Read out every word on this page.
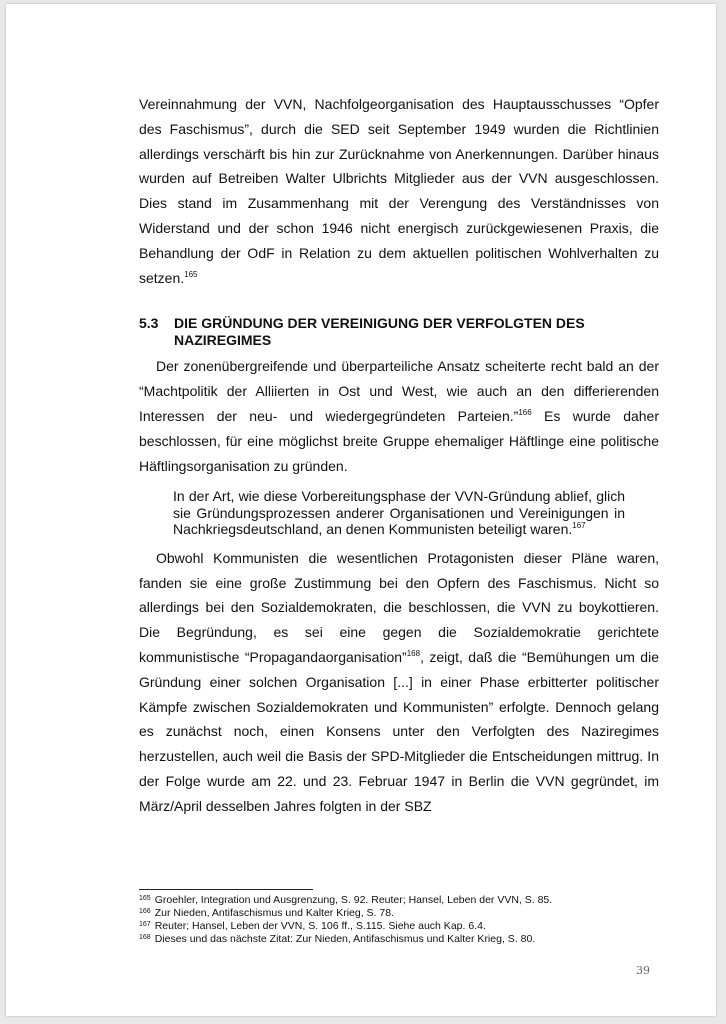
Vereinnahmung der VVN, Nachfolgeorganisation des Hauptausschusses “Opfer des Faschismus”, durch die SED seit September 1949 wurden die Richtlinien allerdings verschärft bis hin zur Zurücknahme von Anerkennungen. Darüber hinaus wurden auf Betreiben Walter Ulbrichts Mitglieder aus der VVN ausgeschlossen. Dies stand im Zusammenhang mit der Verengung des Verständnisses von Widerstand und der schon 1946 nicht energisch zurückgewiesenen Praxis, die Behandlung der OdF in Relation zu dem aktuellen politischen Wohlverhalten zu setzen.$^{165}$

5.3	DIE GRÜNDUNG DER VEREINIGUNG DER VERFOLGTEN DES NAZIREGIMES

Der zonenübergreifende und überparteiliche Ansatz scheiterte recht bald an der “Machtpolitik der Alliierten in Ost und West, wie auch an den differierenden Interessen der neu- und wiedergegründeten Parteien.”$^{166}$ Es wurde daher beschlossen, für eine möglichst breite Gruppe ehemaliger Häftlinge eine politische Häftlingsorganisation zu gründen.

In der Art, wie diese Vorbereitungsphase der VVN-Gründung ablief, glich sie Gründungsprozessen anderer Organisationen und Vereinigungen in Nachkriegsdeutschland, an denen Kommunisten beteiligt waren.$^{167}$

Obwohl Kommunisten die wesentlichen Protagonisten dieser Pläne waren, fanden sie eine große Zustimmung bei den Opfern des Faschismus. Nicht so allerdings bei den Sozialdemokraten, die beschlossen, die VVN zu boykottieren. Die Begründung, es sei eine gegen die Sozialdemokratie gerichtete kommunistische “Propagandaorganisation”$^{168}$, zeigt, daß die “Bemühungen um die Gründung einer solchen Organisation [...] in einer Phase erbitterter politischer Kämpfe zwischen Sozialdemokraten und Kommunisten” erfolgte. Dennoch gelang es zunächst noch, einen Konsens unter den Verfolgten des Naziregimes herzustellen, auch weil die Basis der SPD-Mitglieder die Entscheidungen mittrug. In der Folge wurde am 22. und 23. Februar 1947 in Berlin die VVN gegründet, im März/April desselben Jahres folgten in der SBZ

$^{165}$ Groehler, Integration und Ausgrenzung, S. 92. Reuter; Hansel, Leben der VVN, S. 85.

$^{166}$ Zur Nieden, Antifaschismus und Kalter Krieg, S. 78.

$^{167}$ Reuter; Hansel, Leben der VVN, S. 106 ff., S.115. Siehe auch Kap. 6.4.

$^{168}$ Dieses und das nächste Zitat: Zur Nieden, Antifaschismus und Kalter Krieg, S. 80.

39
